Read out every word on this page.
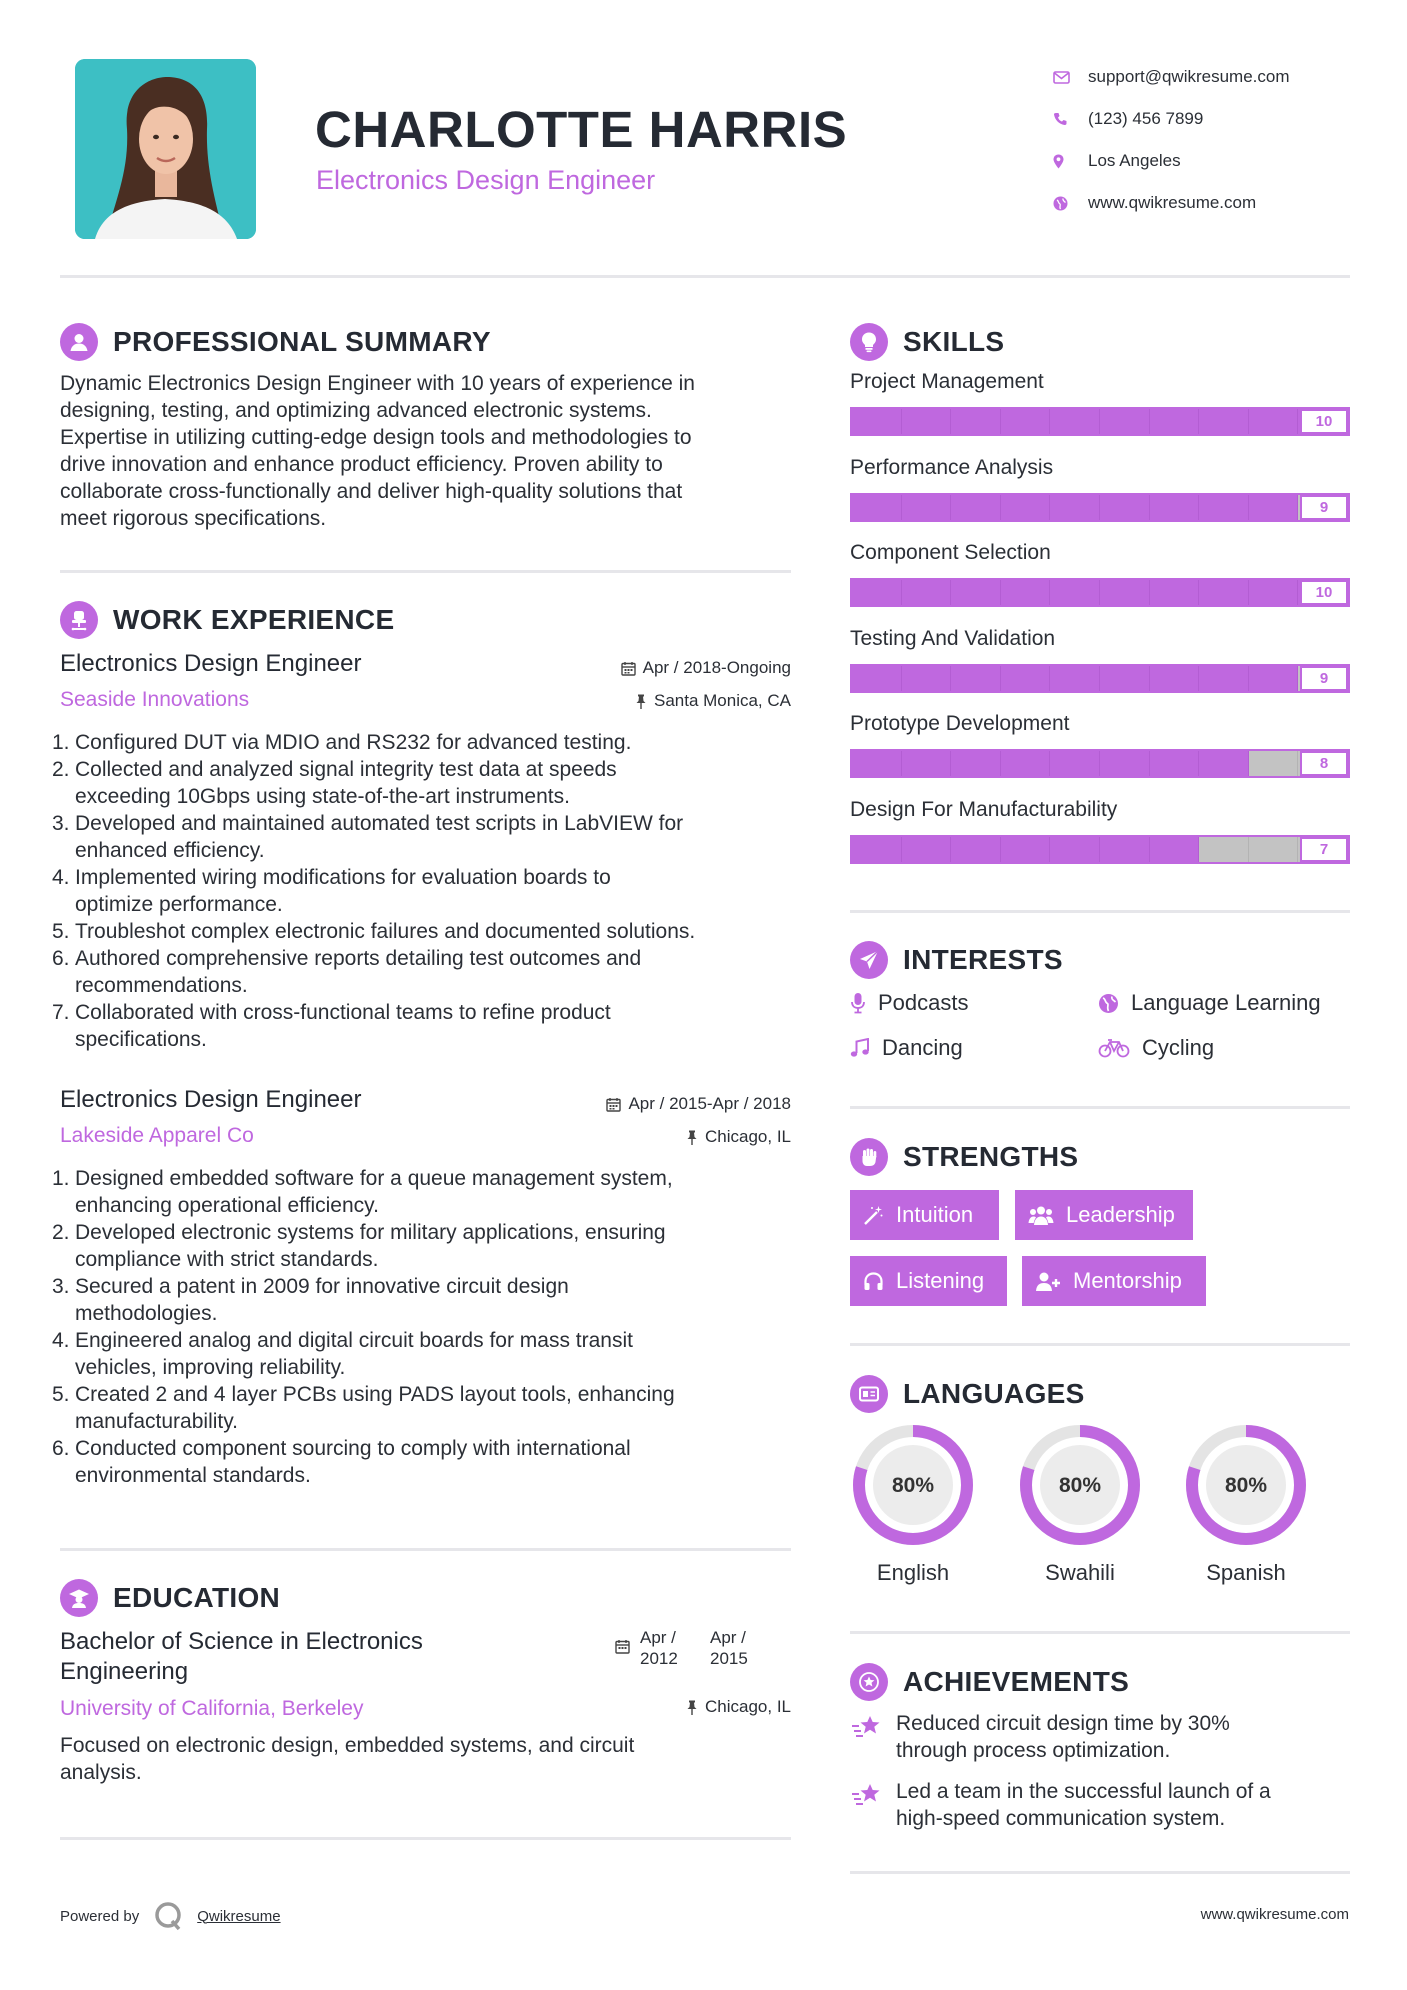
CHARLOTTE HARRIS
Electronics Design Engineer
support@qwikresume.com
(123) 456 7899
Los Angeles
www.qwikresume.com
PROFESSIONAL SUMMARY
Dynamic Electronics Design Engineer with 10 years of experience in
designing, testing, and optimizing advanced electronic systems.
Expertise in utilizing cutting-edge design tools and methodologies to
drive innovation and enhance product efficiency. Proven ability to
collaborate cross-functionally and deliver high-quality solutions that
meet rigorous specifications.
WORK EXPERIENCE
Electronics Design Engineer
Seaside Innovations
Apr / 2018-Ongoing
Santa Monica, CA
1. Configured DUT via MDIO and RS232 for advanced testing.
2. Collected and analyzed signal integrity test data at speeds
exceeding 10Gbps using state-of-the-art instruments.
3. Developed and maintained automated test scripts in LabVIEW for
enhanced efficiency.
4. Implemented wiring modifications for evaluation boards to
optimize performance.
5. Troubleshot complex electronic failures and documented solutions.
6. Authored comprehensive reports detailing test outcomes and
recommendations.
7. Collaborated with cross-functional teams to refine product
specifications.
Electronics Design Engineer
Lakeside Apparel Co
Apr / 2015-Apr / 2018
Chicago, IL
1. Designed embedded software for a queue management system,
enhancing operational efficiency.
2. Developed electronic systems for military applications, ensuring
compliance with strict standards.
3. Secured a patent in 2009 for innovative circuit design
methodologies.
4. Engineered analog and digital circuit boards for mass transit
vehicles, improving reliability.
5. Created 2 and 4 layer PCBs using PADS layout tools, enhancing
manufacturability.
6. Conducted component sourcing to comply with international
environmental standards.
EDUCATION
Bachelor of Science in Electronics
Engineering
University of California, Berkeley
Apr /
2012
Apr /
2015
Chicago, IL
Focused on electronic design, embedded systems, and circuit
analysis.
SKILLS
Project Management
10
Performance Analysis
9
Component Selection
10
Testing And Validation
9
Prototype Development
8
Design For Manufacturability
7
INTERESTS
Podcasts	Language Learning
Dancing	Cycling
STRENGTHS
Intuition	Leadership
Listening	Mentorship
LANGUAGES
80%
English
80%
Swahili
80%
Spanish
ACHIEVEMENTS
Reduced circuit design time by 30%
through process optimization.
Led a team in the successful launch of a
high-speed communication system.
Powered by	Qwikresume	www.qwikresume.com
